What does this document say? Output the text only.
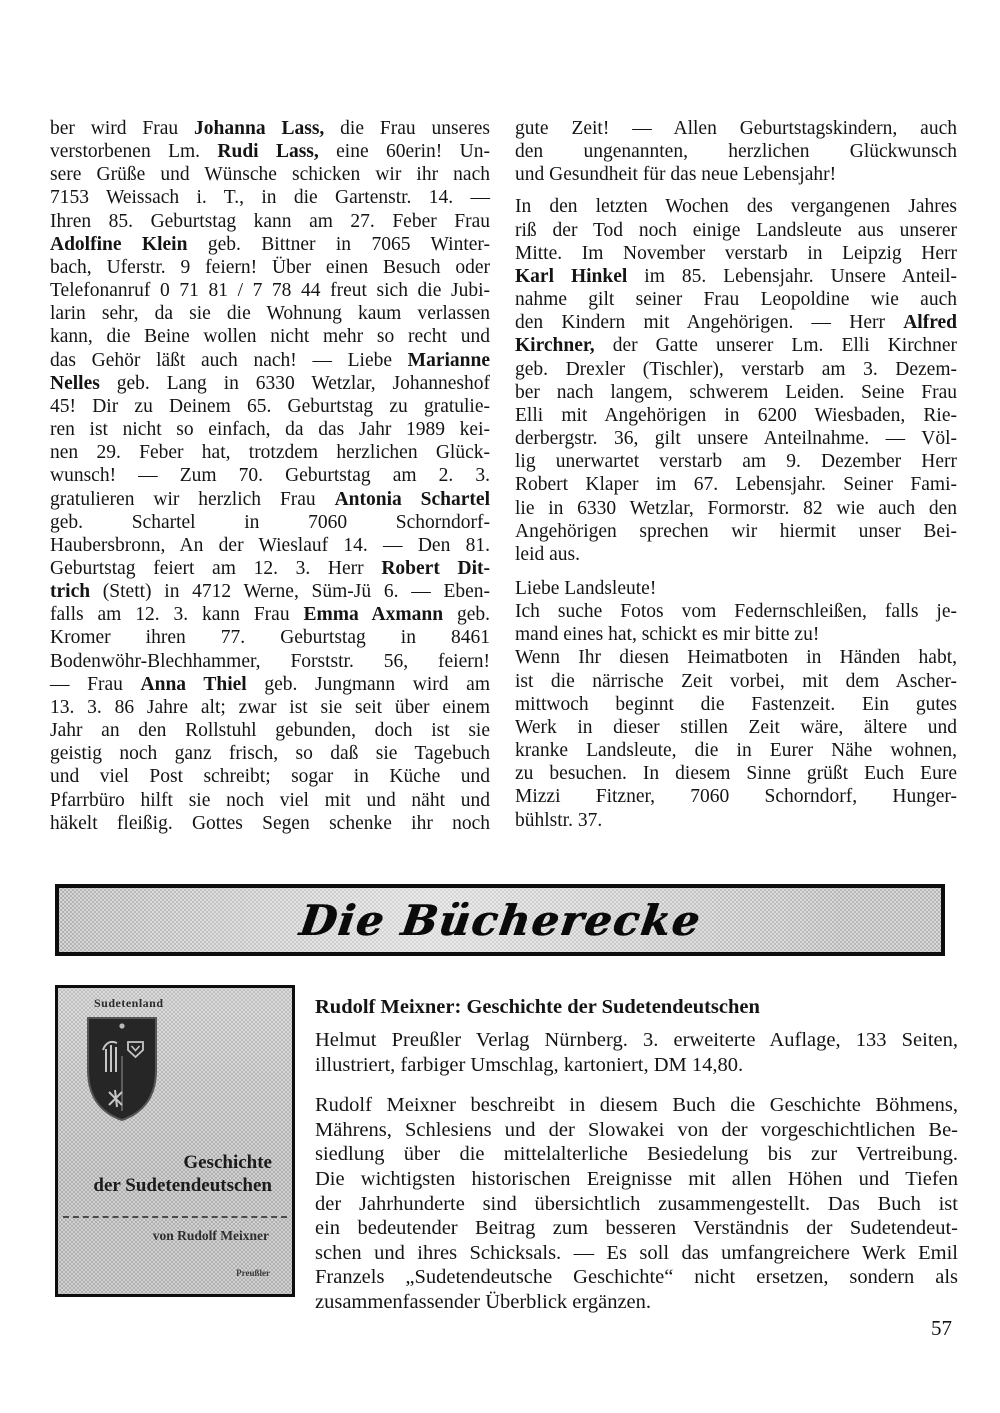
ber wird Frau Johanna Lass, die Frau unseres
verstorbenen Lm. Rudi Lass, eine 60erin! Un-
sere Grüße und Wünsche schicken wir ihr nach
7153 Weissach i. T., in die Gartenstr. 14. —
Ihren 85. Geburtstag kann am 27. Feber Frau
Adolfine Klein geb. Bittner in 7065 Winter-
bach, Uferstr. 9 feiern! Über einen Besuch oder
Telefonanruf 0 71 81 / 7 78 44 freut sich die Jubi-
larin sehr, da sie die Wohnung kaum verlassen
kann, die Beine wollen nicht mehr so recht und
das Gehör läßt auch nach! — Liebe Marianne
Nelles geb. Lang in 6330 Wetzlar, Johanneshof
45! Dir zu Deinem 65. Geburtstag zu gratulie-
ren ist nicht so einfach, da das Jahr 1989 kei-
nen 29. Feber hat, trotzdem herzlichen Glück-
wunsch! — Zum 70. Geburtstag am 2. 3.
gratulieren wir herzlich Frau Antonia Schartel
geb. Schartel in 7060 Schorndorf-
Haubersbronn, An der Wieslauf 14. — Den 81.
Geburtstag feiert am 12. 3. Herr Robert Dit-
trich (Stett) in 4712 Werne, Süm-Jü 6. — Eben-
falls am 12. 3. kann Frau Emma Axmann geb.
Kromer ihren 77. Geburtstag in 8461
Bodenwöhr-Blechhammer, Forststr. 56, feiern!
— Frau Anna Thiel geb. Jungmann wird am
13. 3. 86 Jahre alt; zwar ist sie seit über einem
Jahr an den Rollstuhl gebunden, doch ist sie
geistig noch ganz frisch, so daß sie Tagebuch
und viel Post schreibt; sogar in Küche und
Pfarrbüro hilft sie noch viel mit und näht und
häkelt fleißig. Gottes Segen schenke ihr noch
gute Zeit! — Allen Geburtstagskindern, auch
den ungenannten, herzlichen Glückwunsch
und Gesundheit für das neue Lebensjahr!
In den letzten Wochen des vergangenen Jahres
riß der Tod noch einige Landsleute aus unserer
Mitte. Im November verstarb in Leipzig Herr
Karl Hinkel im 85. Lebensjahr. Unsere Anteil-
nahme gilt seiner Frau Leopoldine wie auch
den Kindern mit Angehörigen. — Herr Alfred
Kirchner, der Gatte unserer Lm. Elli Kirchner
geb. Drexler (Tischler), verstarb am 3. Dezem-
ber nach langem, schwerem Leiden. Seine Frau
Elli mit Angehörigen in 6200 Wiesbaden, Rie-
derbergstr. 36, gilt unsere Anteilnahme. — Völ-
lig unerwartet verstarb am 9. Dezember Herr
Robert Klaper im 67. Lebensjahr. Seiner Fami-
lie in 6330 Wetzlar, Formorstr. 82 wie auch den
Angehörigen sprechen wir hiermit unser Bei-
leid aus.
Liebe Landsleute!
Ich suche Fotos vom Federnschleißen, falls je-
mand eines hat, schickt es mir bitte zu!
Wenn Ihr diesen Heimatboten in Händen habt,
ist die närrische Zeit vorbei, mit dem Ascher-
mittwoch beginnt die Fastenzeit. Ein gutes
Werk in dieser stillen Zeit wäre, ältere und
kranke Landsleute, die in Eurer Nähe wohnen,
zu besuchen. In diesem Sinne grüßt Euch Eure
Mizzi Fitzner, 7060 Schorndorf, Hunger-
bühlstr. 37.
Die Bücherecke
Sudetenland
Geschichte
der Sudetendeutschen
von Rudolf Meixner
Preußler
Rudolf Meixner: Geschichte der Sudetendeutschen
Helmut Preußler Verlag Nürnberg. 3. erweiterte Auflage, 133 Seiten,
illustriert, farbiger Umschlag, kartoniert, DM 14,80.
Rudolf Meixner beschreibt in diesem Buch die Geschichte Böhmens,
Mährens, Schlesiens und der Slowakei von der vorgeschichtlichen Be-
siedlung über die mittelalterliche Besiedelung bis zur Vertreibung.
Die wichtigsten historischen Ereignisse mit allen Höhen und Tiefen
der Jahrhunderte sind übersichtlich zusammengestellt. Das Buch ist
ein bedeutender Beitrag zum besseren Verständnis der Sudetendeut-
schen und ihres Schicksals. — Es soll das umfangreichere Werk Emil
Franzels „Sudetendeutsche Geschichte“ nicht ersetzen, sondern als
zusammenfassender Überblick ergänzen.
57
